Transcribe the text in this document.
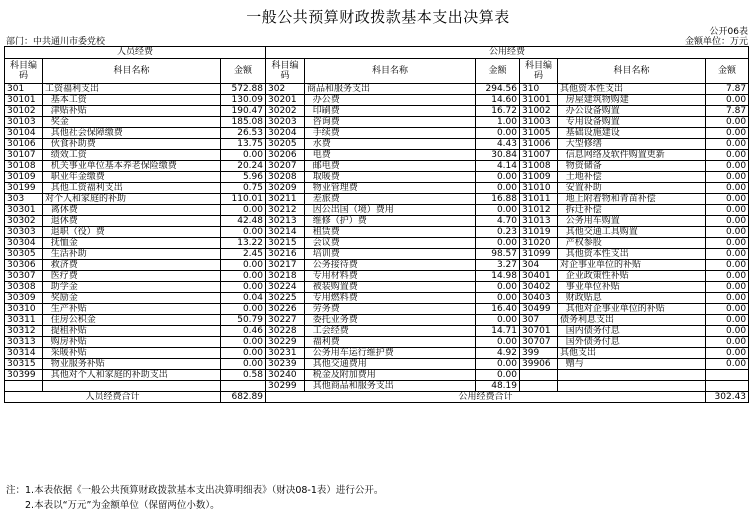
一般公共预算财政拨款基本支出决算表
公开06表
部门：中共通川市委党校	金额单位：万元
人员经费			公用经费					
科目编码	科目名称	金额	科目编码	科目名称	金额	科目编码	科目名称	金额
301	工资福利支出	572.88	302	商品和服务支出	294.56	310	其他资本性支出	7.87
30101	基本工资	130.09	30201	办公费	14.60	31001	房屋建筑物购建	0.00
30102	津贴补贴	190.47	30202	印刷费	16.72	31002	办公设备购置	7.87
30103	奖金	185.08	30203	咨询费	1.00	31003	专用设备购置	0.00
30104	其他社会保障缴费	26.53	30204	手续费	0.00	31005	基础设施建设	0.00
30106	伙食补助费	13.75	30205	水费	4.43	31006	大型修缮	0.00
30107	绩效工资	0.00	30206	电费	30.84	31007	信息网络及软件购置更新	0.00
30108	机关事业单位基本养老保险缴费	20.24	30207	邮电费	4.14	31008	物资储备	0.00
30109	职业年金缴费	5.96	30208	取暖费	0.00	31009	土地补偿	0.00
30199	其他工资福利支出	0.75	30209	物业管理费	0.00	31010	安置补助	0.00
303	对个人和家庭的补助	110.01	30211	差旅费	16.88	31011	地上附着物和青苗补偿	0.00
30301	离休费	0.00	30212	因公出国（境）费用	0.00	31012	拆迁补偿	0.00
30302	退休费	42.48	30213	维修（护）费	4.70	31013	公务用车购置	0.00
30303	退职（役）费	0.00	30214	租赁费	0.23	31019	其他交通工具购置	0.00
30304	抚恤金	13.22	30215	会议费	0.00	31020	产权参股	0.00
30305	生活补助	2.45	30216	培训费	98.57	31099	其他资本性支出	0.00
30306	救济费	0.00	30217	公务接待费	3.27	304	对企事业单位的补贴	0.00
30307	医疗费	0.00	30218	专用材料费	14.98	30401	企业政策性补贴	0.00
30308	助学金	0.00	30224	被装购置费	0.00	30402	事业单位补贴	0.00
30309	奖励金	0.04	30225	专用燃料费	0.00	30403	财政贴息	0.00
30310	生产补贴	0.00	30226	劳务费	16.40	30499	其他对企事业单位的补贴	0.00
30311	住房公积金	50.79	30227	委托业务费	0.00	307	债务利息支出	0.00
30312	提租补贴	0.46	30228	工会经费	14.71	30701	国内债务付息	0.00
30313	购房补贴	0.00	30229	福利费	0.00	30707	国外债务付息	0.00
30314	采暖补贴	0.00	30231	公务用车运行维护费	4.92	399	其他支出	0.00
30315	物业服务补贴	0.00	30239	其他交通费用	0.00	39906	赠与	0.00
30399	其他对个人和家庭的补助支出	0.58	30240	税金及附加费用	0.00			
			30299	其他商品和服务支出	48.19			
人员经费合计		682.89	公用经费合计					302.43
注：1.本表依据《一般公共预算财政拨款基本支出决算明细表》（财决08-1表）进行公开。
　　2.本表以“万元”为金额单位（保留两位小数）。
